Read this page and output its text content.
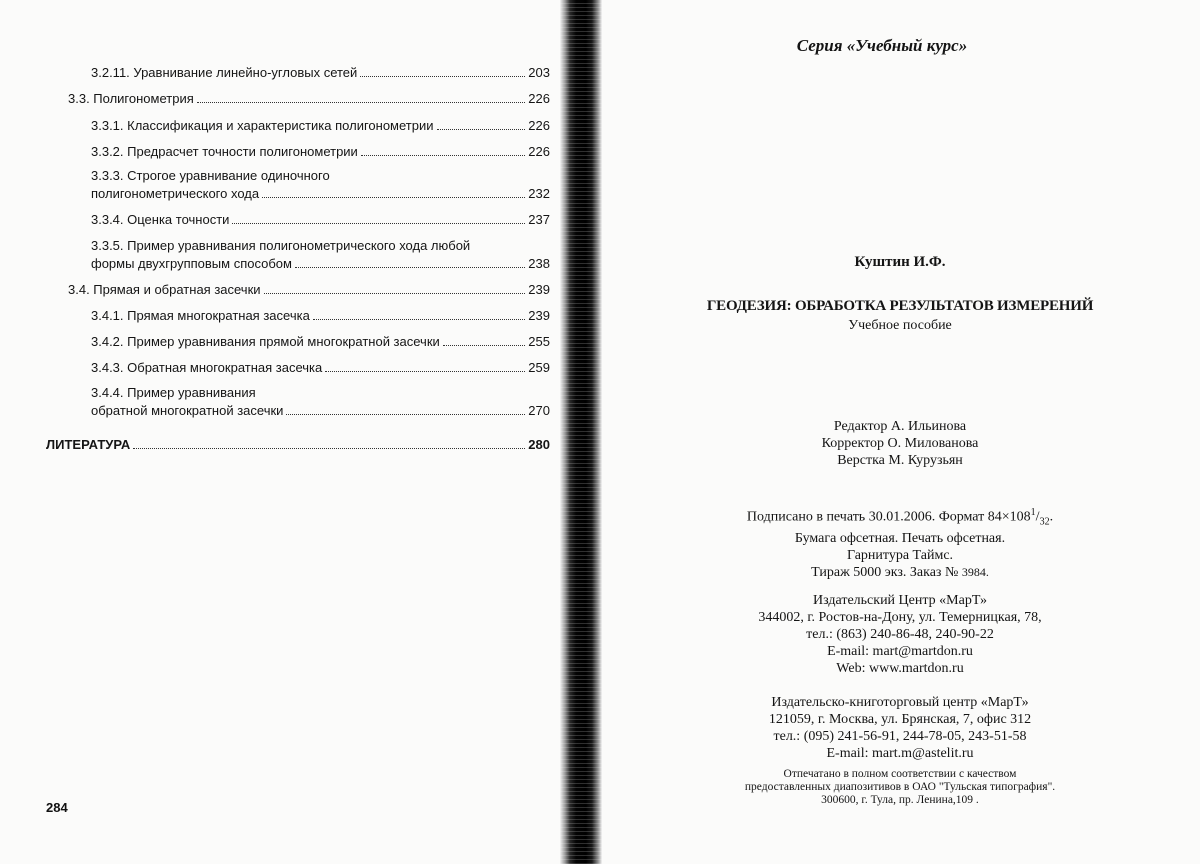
3.2.11. Уравнивание линейно-угловых сетей	203
3.3. Полигонометрия	226
3.3.1. Классификация и характеристика полигонометрии	226
3.3.2. Предрасчет точности полигонометрии	226
3.3.3. Строгое уравнивание одиночного
полигонометрического хода	232
3.3.4. Оценка точности	237
3.3.5. Пример уравнивания полигонометрического хода любой
формы двухгрупповым способом	238
3.4. Прямая и обратная засечки	239
3.4.1. Прямая многократная засечка	239
3.4.2. Пример уравнивания прямой многократной засечки	255
3.4.3. Обратная многократная засечка	259
3.4.4. Пример уравнивания
обратной многократной засечки	270
ЛИТЕРАТУРА	280
284
Серия «Учебный курс»
Куштин И.Ф.
ГЕОДЕЗИЯ: ОБРАБОТКА РЕЗУЛЬТАТОВ ИЗМЕРЕНИЙ
Учебное пособие
Редактор А. Ильинова
Корректор О. Милованова
Верстка М. Курузьян
Подписано в печать 30.01.2006. Формат $84\times 108^1/_{32}$.
Бумага офсетная. Печать офсетная.
Гарнитура Таймс.
Тираж 5000 экз. Заказ № 3984.
Издательский Центр «МарТ»
344002, г. Ростов-на-Дону, ул. Темерницкая, 78,
тел.: (863) 240-86-48, 240-90-22
E-mail: mart@martdon.ru
Web: www.martdon.ru
Издательско-книготорговый центр «МарТ»
121059, г. Москва, ул. Брянская, 7, офис 312
тел.: (095) 241-56-91, 244-78-05, 243-51-58
E-mail: mart.m@astelit.ru
Отпечатано в полном соответствии с качеством
предоставленных диапозитивов в ОАО "Тульская типография".
300600, г. Тула, пр. Ленина,109 .
